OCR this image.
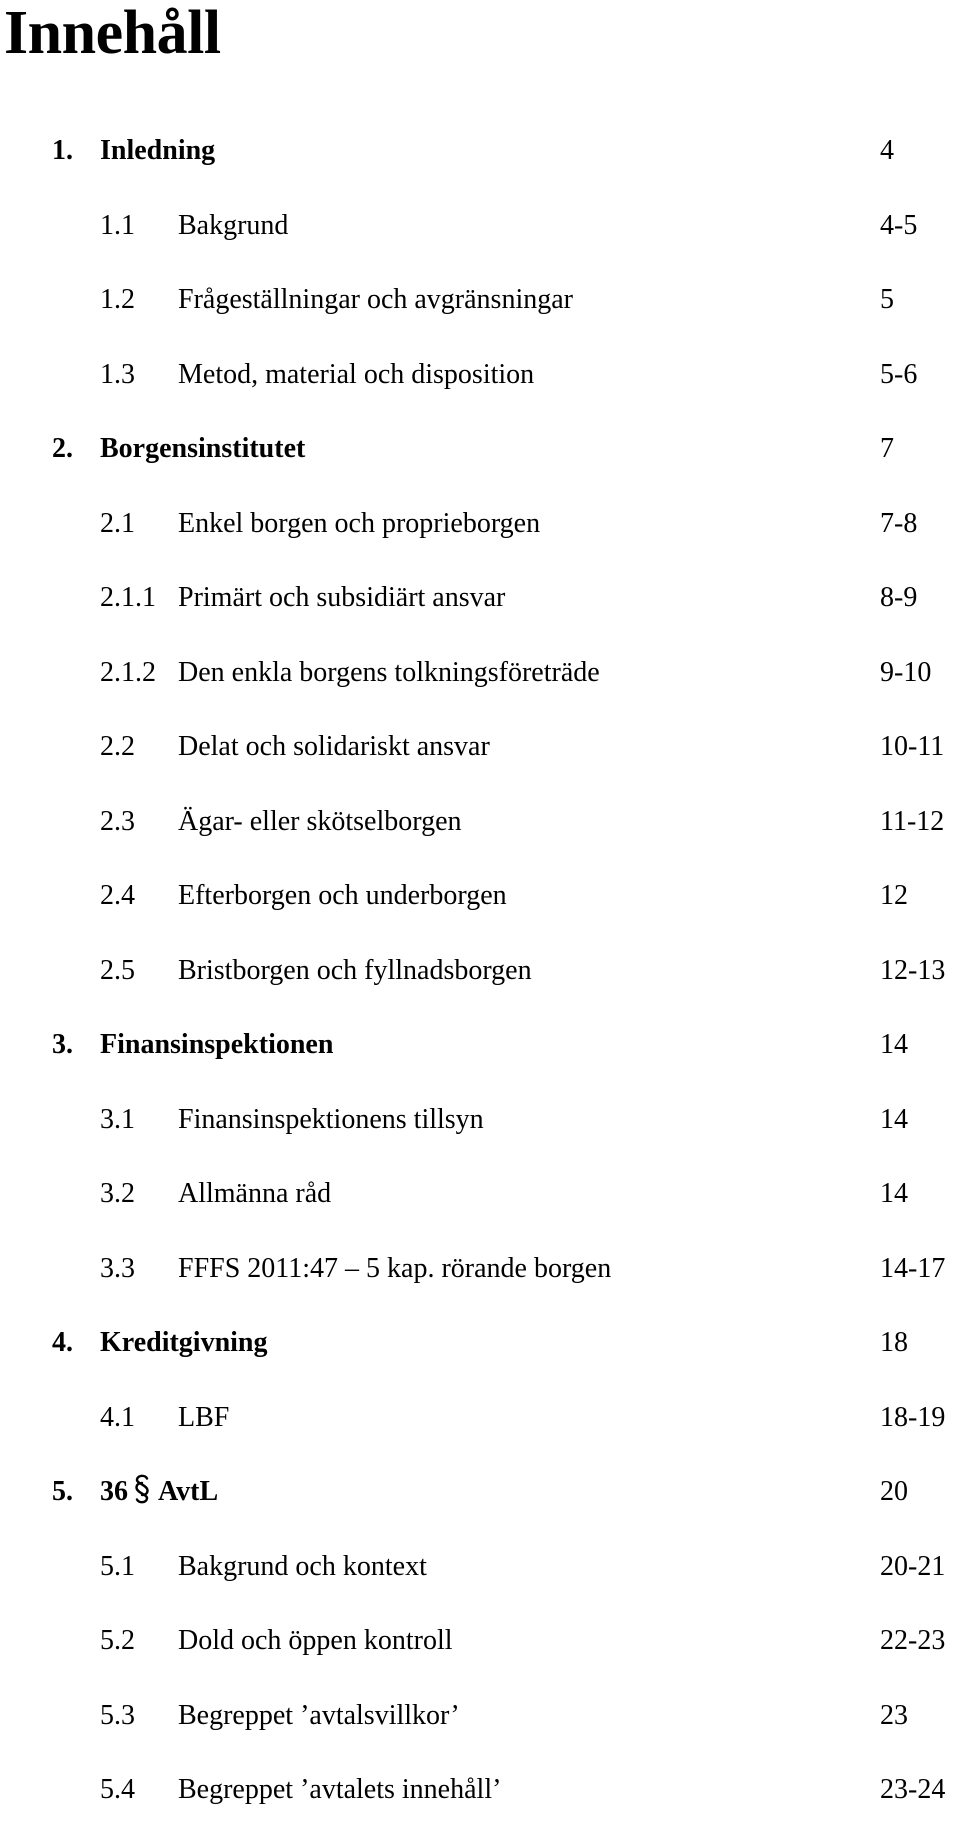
Innehåll
1. Inledning	4
1.1 Bakgrund	4-5
1.2 Frågeställningar och avgränsningar	5
1.3 Metod, material och disposition	5-6
2. Borgensinstitutet	7
2.1 Enkel borgen och proprieborgen	7-8
2.1.1 Primärt och subsidiärt ansvar	8-9
2.1.2 Den enkla borgens tolkningsföreträde	9-10
2.2 Delat och solidariskt ansvar	10-11
2.3 Ägar- eller skötselborgen	11-12
2.4 Efterborgen och underborgen	12
2.5 Bristborgen och fyllnadsborgen	12-13
3. Finansinspektionen	14
3.1 Finansinspektionens tillsyn	14
3.2 Allmänna råd	14
3.3 FFFS 2011:47 – 5 kap. rörande borgen	14-17
4. Kreditgivning	18
4.1 LBF	18-19
5. 36 AvtL	20
5.1 Bakgrund och kontext	20-21
5.2 Dold och öppen kontroll	22-23
5.3 Begreppet ’avtalsvillkor’	23
5.4 Begreppet ’avtalets innehåll’	23-24
